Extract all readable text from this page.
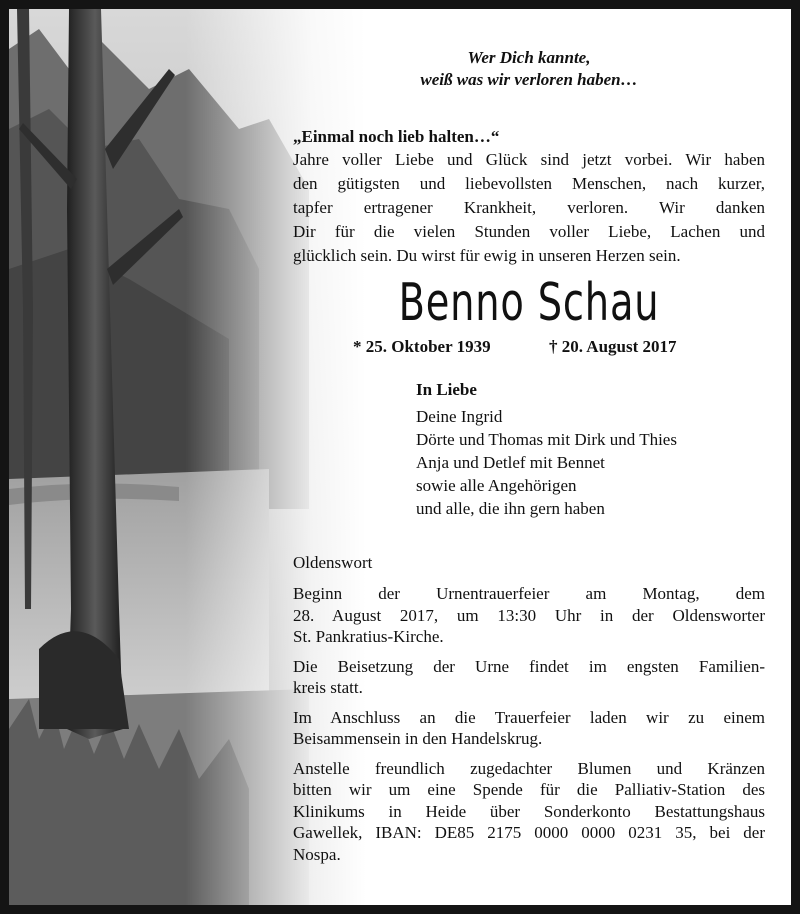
Wer Dich kannte,
weiß was wir verloren haben…
„Einmal noch lieb halten…“
Jahre voller Liebe und Glück sind jetzt vorbei. Wir haben
den gütigsten und liebevollsten Menschen, nach kurzer,
tapfer ertragener Krankheit, verloren. Wir danken
Dir für die vielen Stunden voller Liebe, Lachen und
glücklich sein. Du wirst für ewig in unseren Herzen sein.
Benno Schau
* 25. Oktober 1939	† 20. August 2017
In Liebe
Deine Ingrid
Dörte und Thomas mit Dirk und Thies
Anja und Detlef mit Bennet
sowie alle Angehörigen
und alle, die ihn gern haben
Oldenswort
Beginn der Urnentrauerfeier am Montag, dem
28. August 2017, um 13:30 Uhr in der Oldensworter
St. Pankratius-Kirche.
Die Beisetzung der Urne findet im engsten Familien-
kreis statt.
Im Anschluss an die Trauerfeier laden wir zu einem
Beisammensein in den Handelskrug.
Anstelle freundlich zugedachter Blumen und Kränzen
bitten wir um eine Spende für die Palliativ-Station des
Klinikums in Heide über Sonderkonto Bestattungshaus
Gawellek, IBAN: DE85 2175 0000 0000 0231 35, bei der
Nospa.
